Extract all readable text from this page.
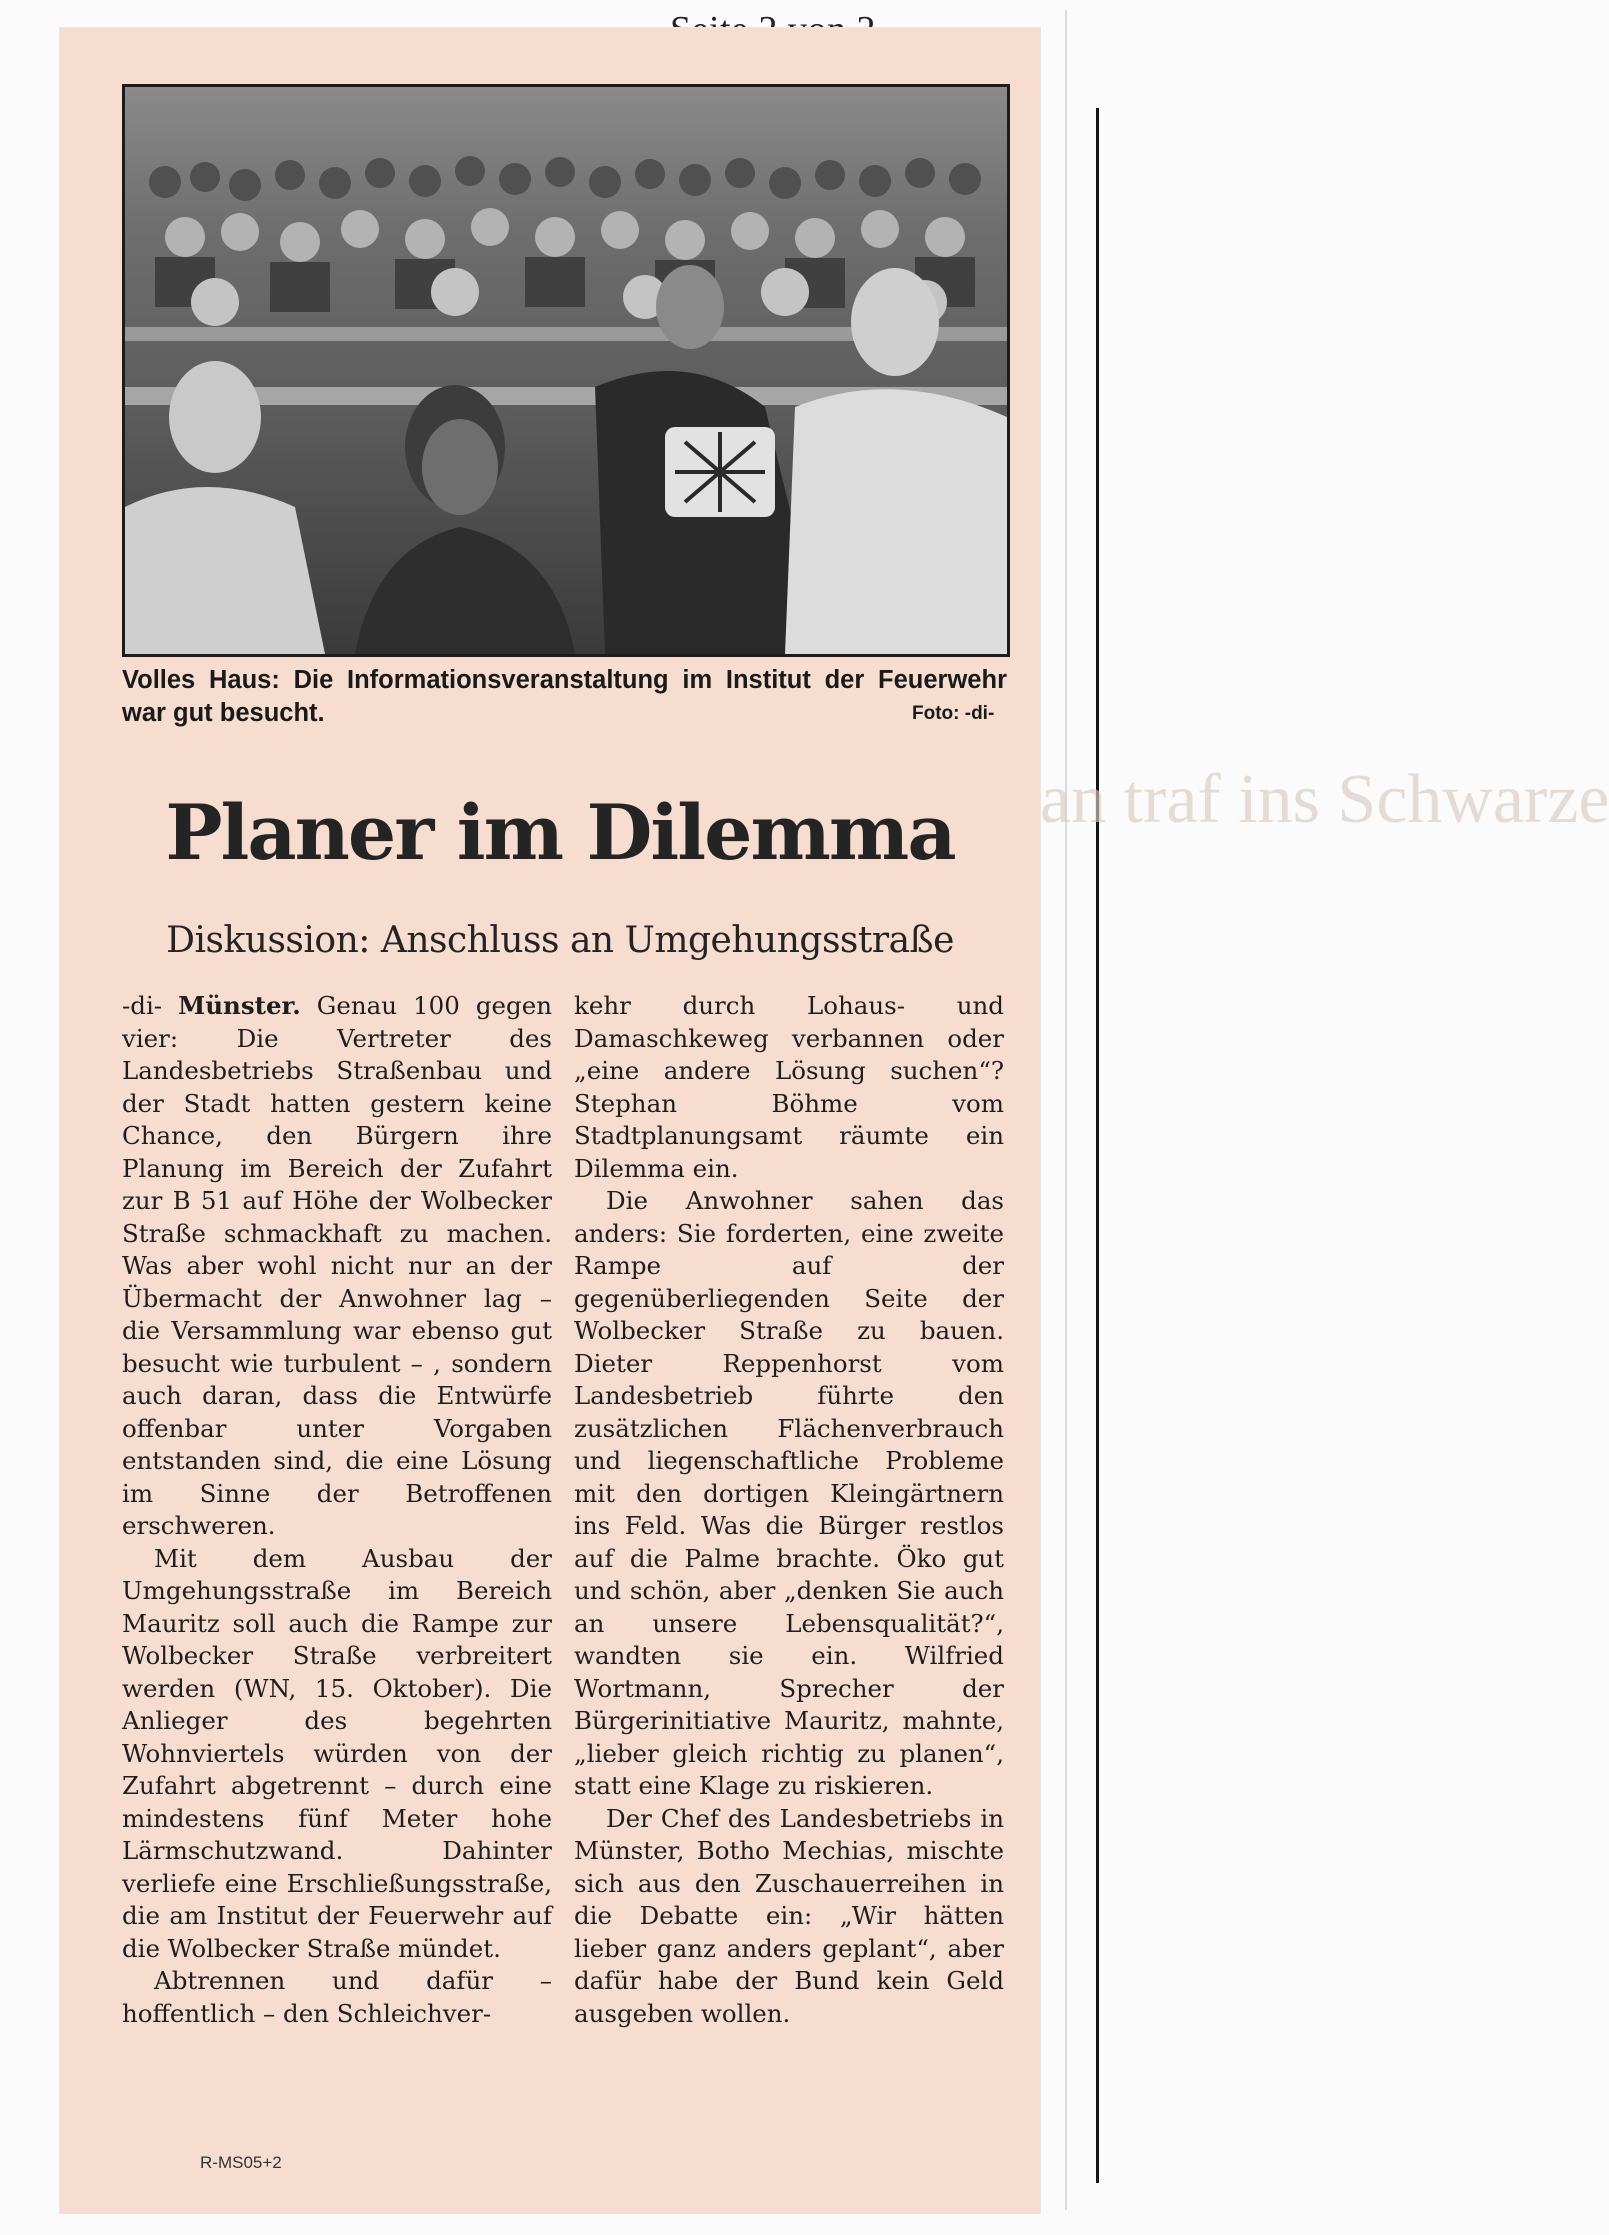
Volles Haus: Die Informationsveranstaltung im Institut der Feuerwehr war gut besucht.	Foto: -di-
Planer im Dilemma
Diskussion: Anschluss an Umgehungsstraße

-di- Münster. Genau 100 gegen vier: Die Vertreter des Landesbetriebs Straßenbau und der Stadt hatten gestern keine Chance, den Bürgern ihre Planung im Bereich der Zufahrt zur B 51 auf Höhe der Wolbecker Straße schmackhaft zu machen. Was aber wohl nicht nur an der Übermacht der Anwohner lag – die Versammlung war ebenso gut besucht wie turbulent – , sondern auch daran, dass die Entwürfe offenbar unter Vorgaben entstanden sind, die eine Lösung im Sinne der Betroffenen erschweren.

Mit dem Ausbau der Umgehungsstraße im Bereich Mauritz soll auch die Rampe zur Wolbecker Straße verbreitert werden (WN, 15. Oktober). Die Anlieger des begehrten Wohnviertels würden von der Zufahrt abgetrennt – durch eine mindestens fünf Meter hohe Lärmschutzwand. Dahinter verliefe eine Erschließungsstraße, die am Institut der Feuerwehr auf die Wolbecker Straße mündet.

Abtrennen und dafür – hoffentlich – den Schleichver-

kehr durch Lohaus- und Damaschkeweg verbannen oder „eine andere Lösung suchen“? Stephan Böhme vom Stadtplanungsamt räumte ein Dilemma ein.

Die Anwohner sahen das anders: Sie forderten, eine zweite Rampe auf der gegenüberliegenden Seite der Wolbecker Straße zu bauen. Dieter Reppenhorst vom Landesbetrieb führte den zusätzlichen Flächenverbrauch und liegenschaftliche Probleme mit den dortigen Kleingärtnern ins Feld. Was die Bürger restlos auf die Palme brachte. Öko gut und schön, aber „denken Sie auch an unsere Lebensqualität?“, wandten sie ein. Wilfried Wortmann, Sprecher der Bürgerinitiative Mauritz, mahnte, „lieber gleich richtig zu planen“, statt eine Klage zu riskieren.

Der Chef des Landesbetriebs in Münster, Botho Mechias, mischte sich aus den Zuschauerreihen in die Debatte ein: „Wir hätten lieber ganz anders geplant“, aber dafür habe der Bund kein Geld ausgeben wollen.

R-MS05+2
an traf ins Schwarze
